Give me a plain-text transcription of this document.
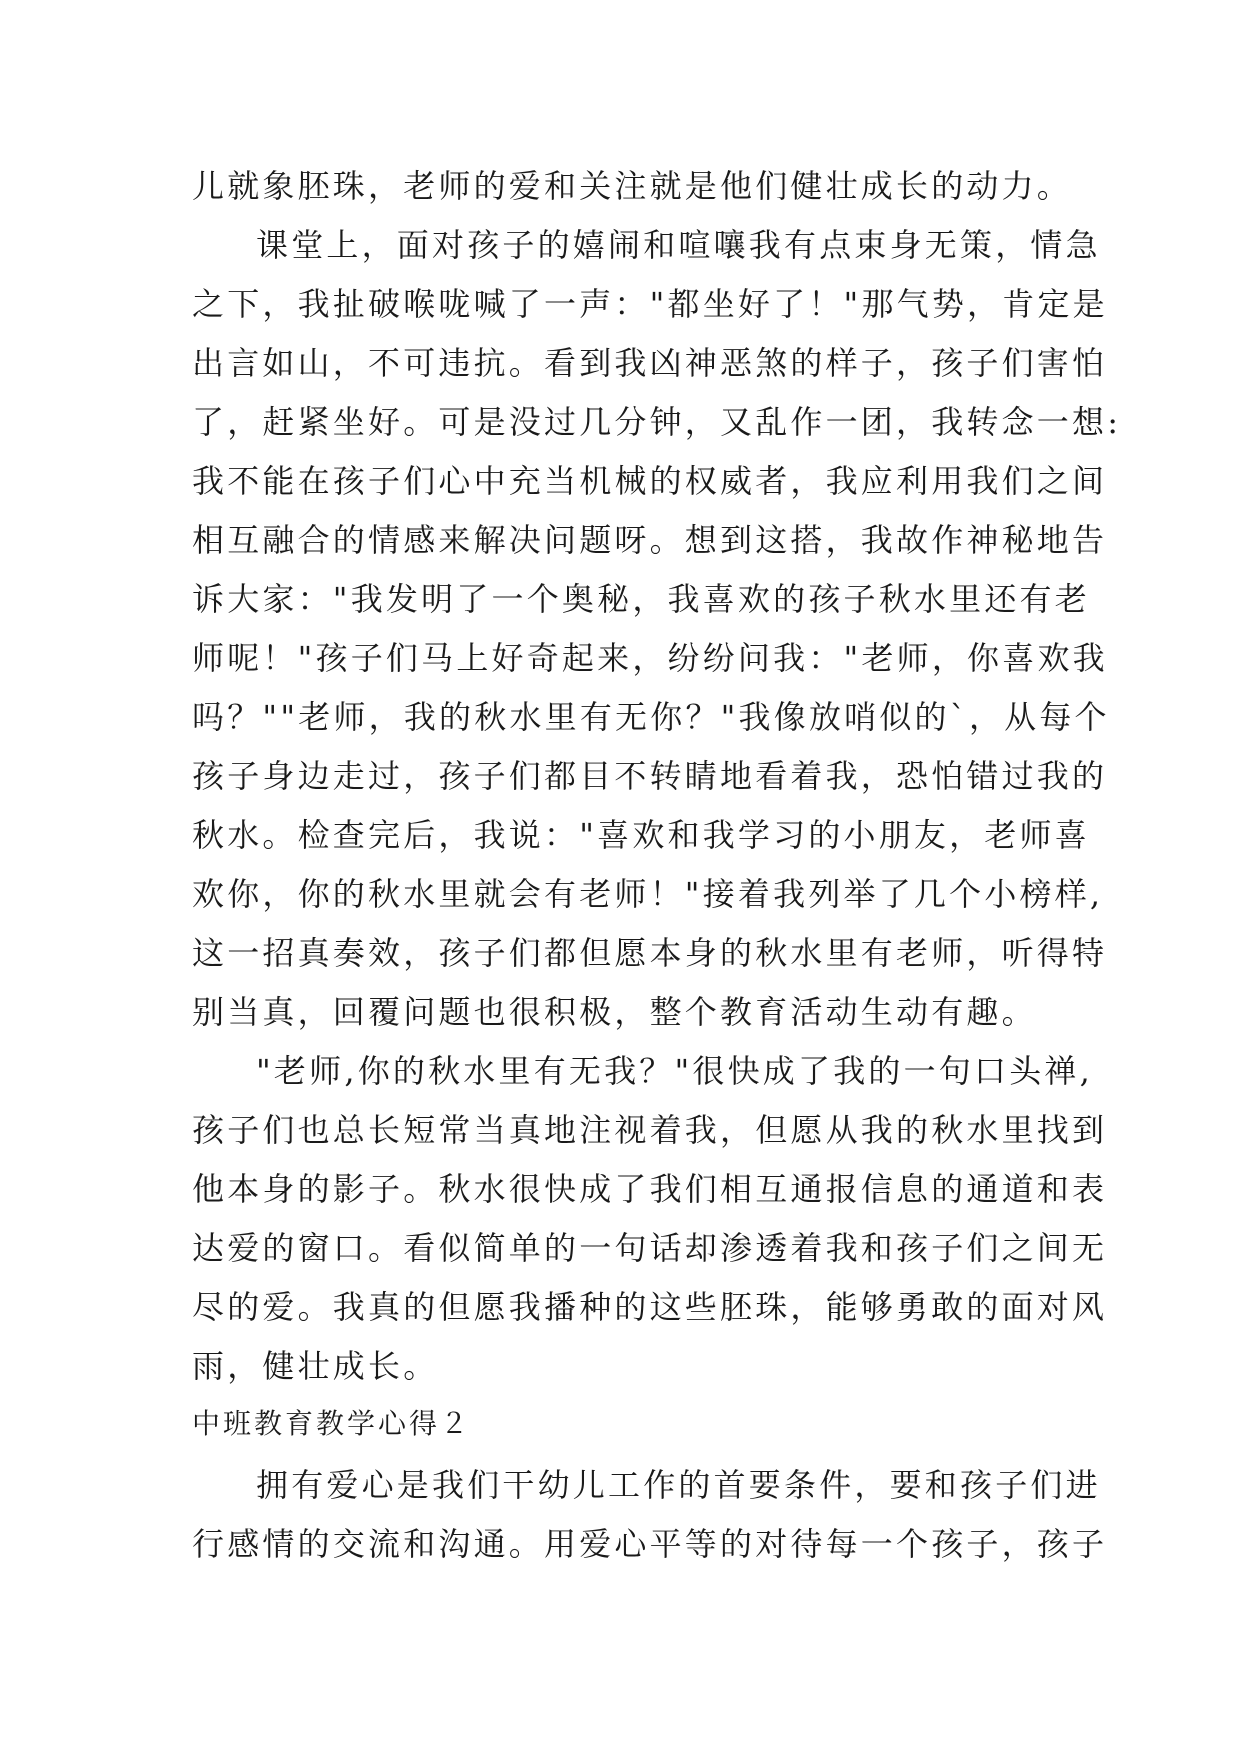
儿就象胚珠，老师的爱和关注就是他们健壮成长的动力。
课堂上，面对孩子的嬉闹和喧嚷我有点束身无策，情急
之下，我扯破喉咙喊了一声："都坐好了！"那气势，肯定是
出言如山，不可违抗。看到我凶神恶煞的样子，孩子们害怕
了，赶紧坐好。可是没过几分钟，又乱作一团，我转念一想:
我不能在孩子们心中充当机械的权威者，我应利用我们之间
相互融合的情感来解决问题呀。想到这搭，我故作神秘地告
诉大家："我发明了一个奥秘，我喜欢的孩子秋水里还有老
师呢！"孩子们马上好奇起来，纷纷问我："老师，你喜欢我
吗？""老师，我的秋水里有无你？"我像放哨似的`，从每个
孩子身边走过，孩子们都目不转睛地看着我，恐怕错过我的
秋水。检查完后，我说："喜欢和我学习的小朋友，老师喜
欢你，你的秋水里就会有老师！"接着我列举了几个小榜样,
这一招真奏效，孩子们都但愿本身的秋水里有老师，听得特
别当真，回覆问题也很积极，整个教育活动生动有趣。
"老师,你的秋水里有无我？"很快成了我的一句口头禅,
孩子们也总长短常当真地注视着我，但愿从我的秋水里找到
他本身的影子。秋水很快成了我们相互通报信息的通道和表
达爱的窗口。看似简单的一句话却渗透着我和孩子们之间无
尽的爱。我真的但愿我播种的这些胚珠，能够勇敢的面对风
雨，健壮成长。
中班教育教学心得２
拥有爱心是我们干幼儿工作的首要条件，要和孩子们进
行感情的交流和沟通。用爱心平等的对待每一个孩子，孩子
